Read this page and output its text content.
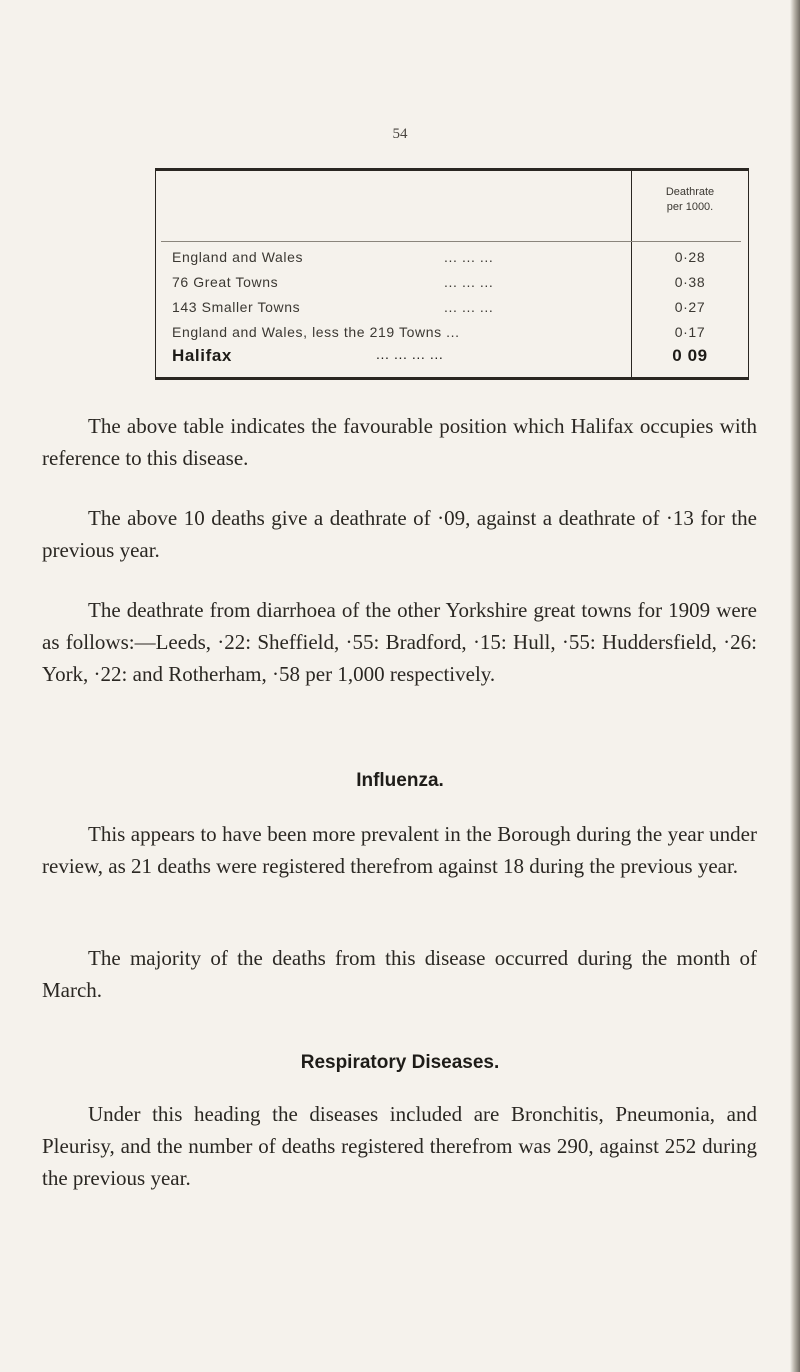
54
Deathrate
per 1000.
England and Wales	... ... ...	0·28
76 Great Towns	... ... ...	0·38
143 Smaller Towns	... ... ...	0·27
England and Wales, less the 219 Towns ...	0·17
Halifax	... ... ... ...	0 09

The above table indicates the favourable position which Halifax occupies with reference to this disease.

The above 10 deaths give a deathrate of ·09, against a deathrate of ·13 for the previous year.

The deathrate from diarrhoea of the other Yorkshire great towns for 1909 were as follows:—Leeds, ·22: Sheffield, ·55: Bradford, ·15: Hull, ·55: Huddersfield, ·26: York, ·22: and Rotherham, ·58 per 1,000 respectively.

Influenza.

This appears to have been more prevalent in the Borough during the year under review, as 21 deaths were registered therefrom against 18 during the previous year.

The majority of the deaths from this disease occurred during the month of March.

Respiratory Diseases.

Under this heading the diseases included are Bronchitis, Pneumonia, and Pleurisy, and the number of deaths registered therefrom was 290, against 252 during the previous year.
